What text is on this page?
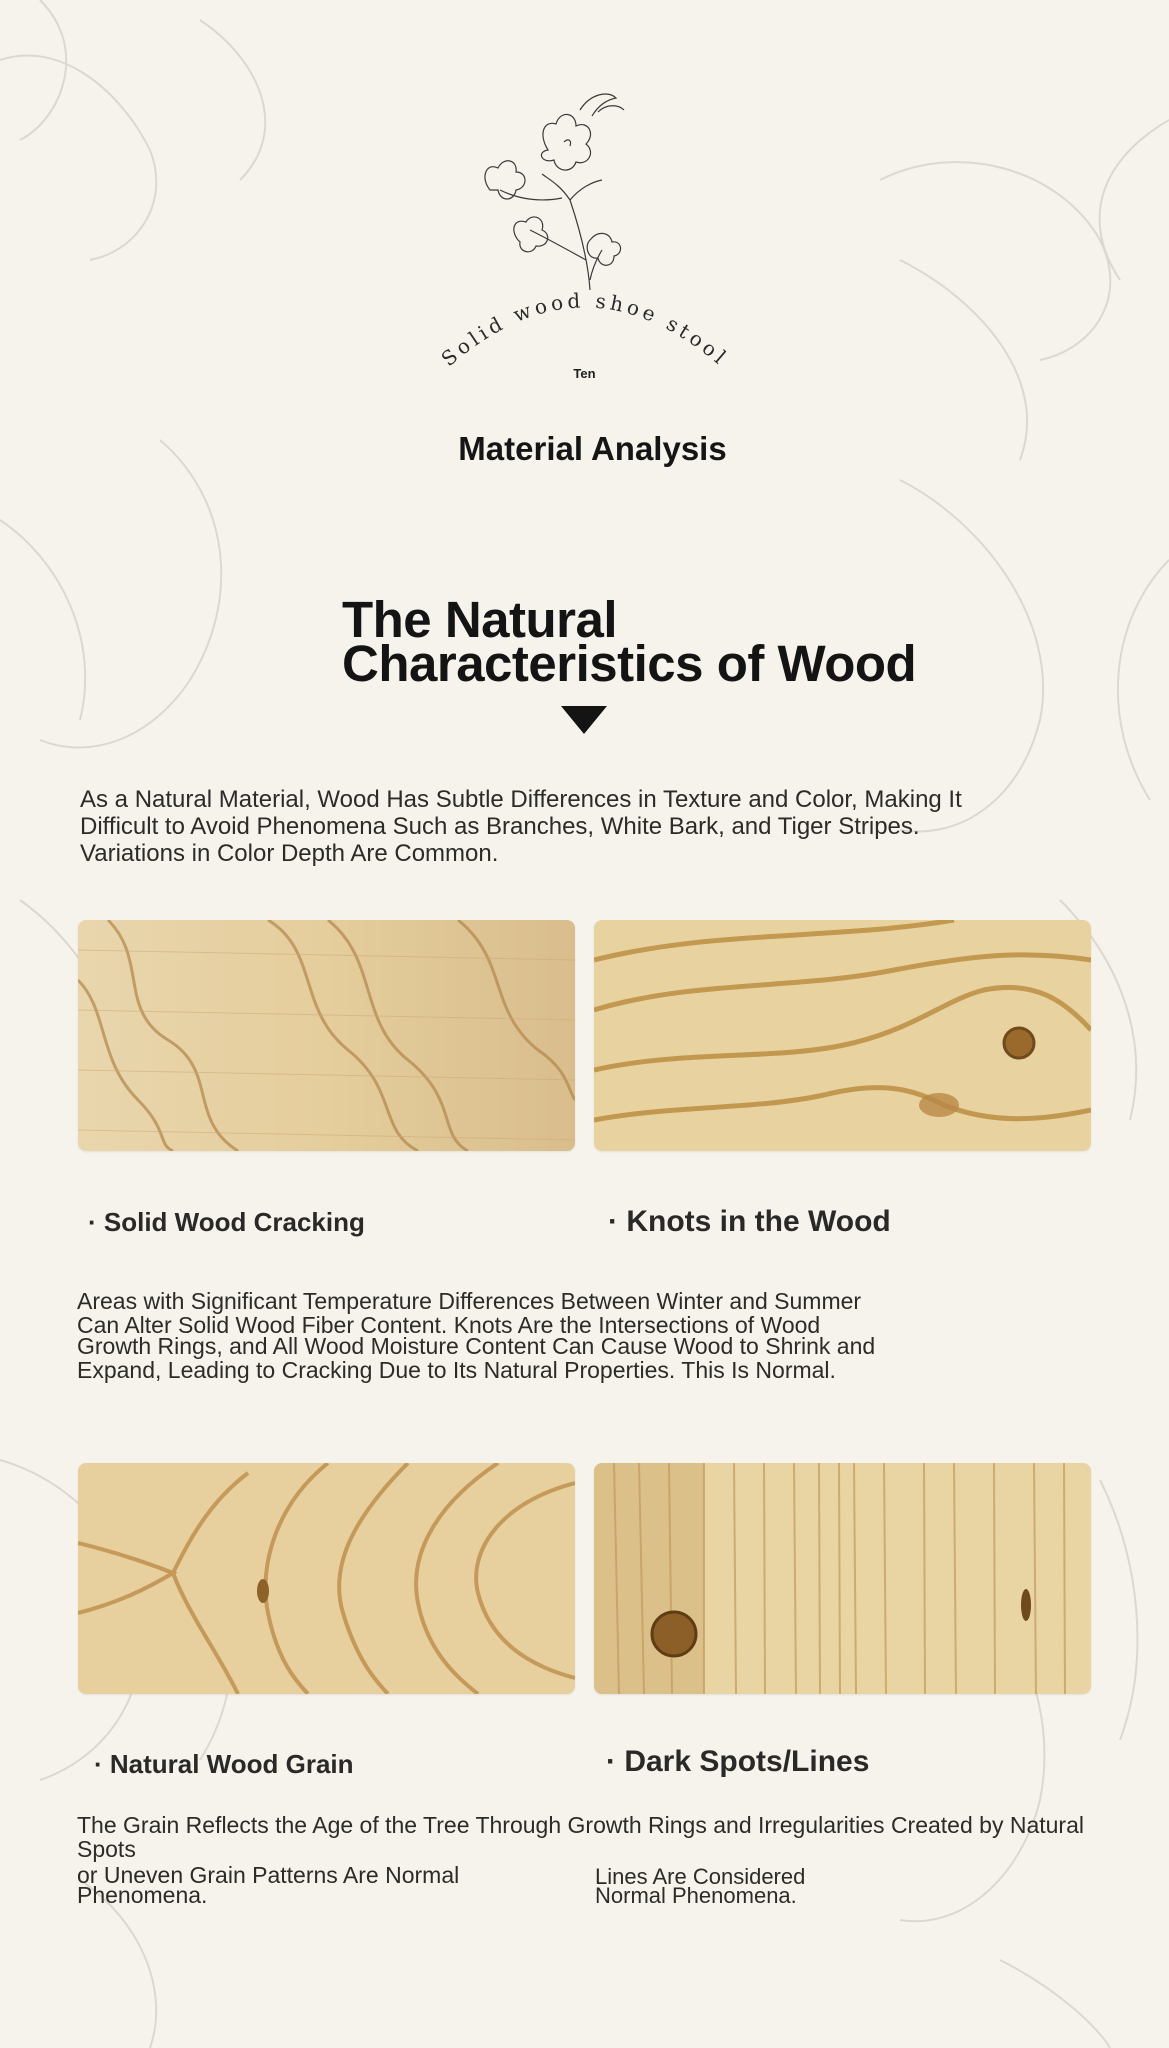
Solid wood shoe stool
Ten
Material Analysis
The Natural
Characteristics of Wood
As a Natural Material, Wood Has Subtle Differences in Texture and Color, Making It
Difficult to Avoid Phenomena Such as Branches, White Bark, and Tiger Stripes.
Variations in Color Depth Are Common.
· Solid Wood Cracking	· Knots in the Wood
Areas with Significant Temperature Differences Between Winter and Summer
Can Alter Solid Wood Fiber Content. Knots Are the Intersections of Wood
Growth Rings, and All Wood Moisture Content Can Cause Wood to Shrink and
Expand, Leading to Cracking Due to Its Natural Properties. This Is Normal.
· Natural Wood Grain	· Dark Spots/Lines
The Grain Reflects the Age of the Tree Through Growth Rings and Irregularities Created by Natural
Spots
or Uneven Grain Patterns Are Normal
Phenomena.
Lines Are Considered
Normal Phenomena.
